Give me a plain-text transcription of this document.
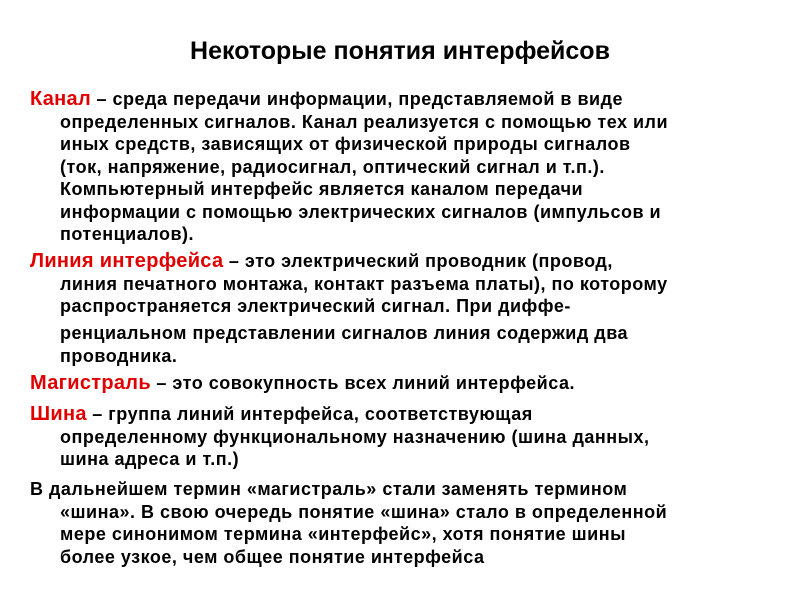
Некоторые понятия интерфейсов
Канал – среда передачи информации, представляемой в виде
определенных сигналов. Канал реализуется с помощью тех или
иных средств, зависящих от физической природы сигналов
(ток, напряжение, радиосигнал, оптический сигнал и т.п.).
Компьютерный интерфейс является каналом передачи
информации с помощью электрических сигналов (импульсов и
потенциалов).
Линия интерфейса – это электрический проводник (провод,
линия печатного монтажа, контакт разъема платы), по которому
распространяется электрический сигнал. При диффе-
ренциальном представлении сигналов линия содержид два
проводника.
Магистраль – это совокупность всех линий интерфейса.
Шина – группа линий интерфейса, соответствующая
определенному функциональному назначению (шина данных,
шина адреса и т.п.)
В дальнейшем термин «магистраль» стали заменять термином
«шина». В свою очередь понятие «шина» стало в определенной
мере синонимом термина «интерфейс», хотя понятие шины
более узкое, чем общее понятие интерфейса
